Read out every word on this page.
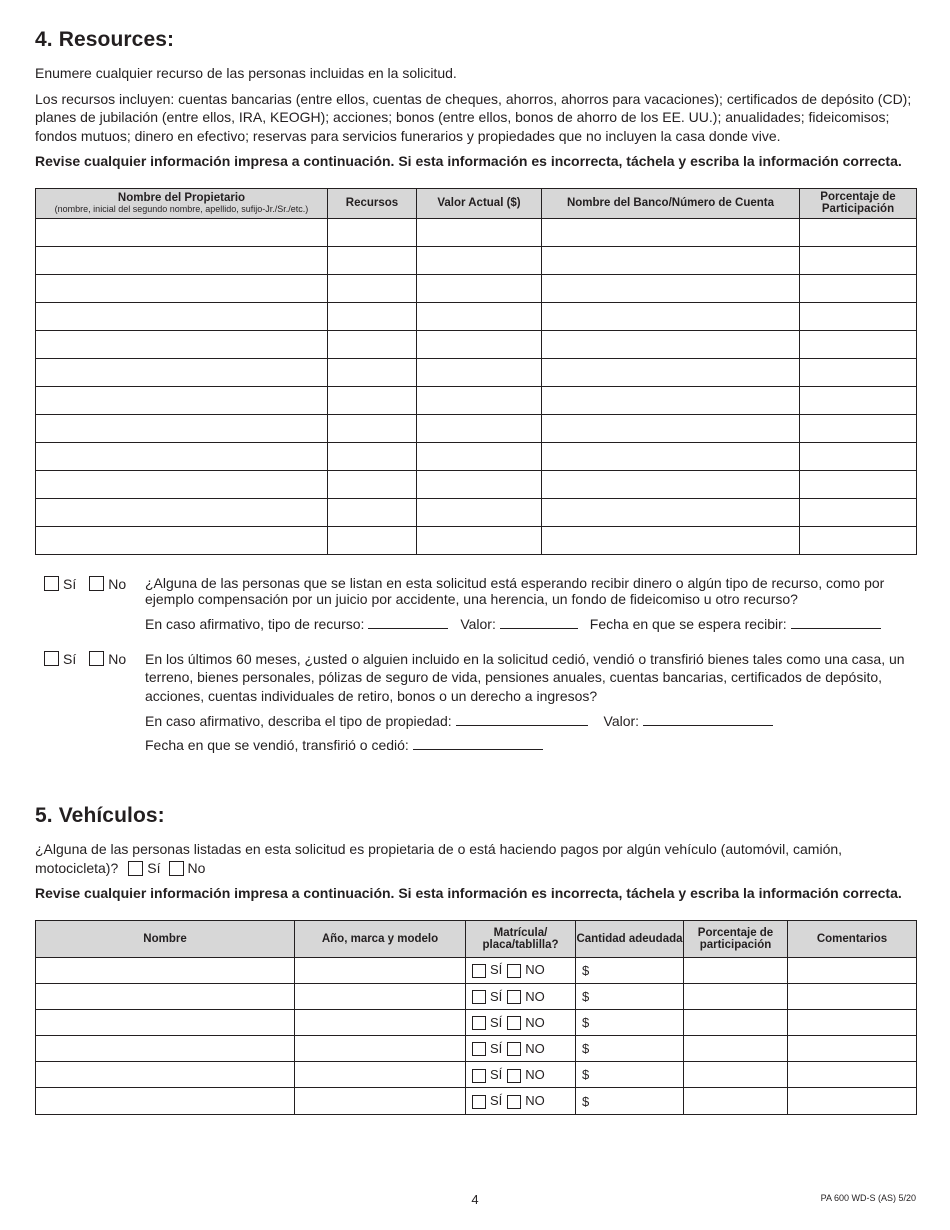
4. Resources:

Enumere cualquier recurso de las personas incluidas en la solicitud.

Los recursos incluyen: cuentas bancarias (entre ellos, cuentas de cheques, ahorros, ahorros para vacaciones); certificados de depósito (CD); planes de jubilación (entre ellos, IRA, KEOGH); acciones; bonos (entre ellos, bonos de ahorro de los EE. UU.); anualidades; fideicomisos; fondos mutuos; dinero en efectivo; reservas para servicios funerarios y propiedades que no incluyen la casa donde vive.

Revise cualquier información impresa a continuación. Si esta información es incorrecta, táchela y escriba la información correcta.

Nombre del Propietario
(nombre, inicial del segundo nombre, apellido, sufijo-Jr./Sr./etc.)	Recursos	Valor Actual ($)	Nombre del Banco/Número de Cuenta	Porcentaje de Participación

Sí No ¿Alguna de las personas que se listan en esta solicitud está esperando recibir dinero o algún tipo de recurso, como por ejemplo compensación por un juicio por accidente, una herencia, un fondo de fideicomiso u otro recurso?

En caso afirmativo, tipo de recurso:	Valor:	Fecha en que se espera recibir:

Sí No En los últimos 60 meses, ¿usted o alguien incluido en la solicitud cedió, vendió o transfirió bienes tales como una casa, un terreno, bienes personales, pólizas de seguro de vida, pensiones anuales, cuentas bancarias, certificados de depósito, acciones, cuentas individuales de retiro, bonos o un derecho a ingresos?

En caso afirmativo, describa el tipo de propiedad:	Valor:

Fecha en que se vendió, transfirió o cedió:

5. Vehículos:

¿Alguna de las personas listadas en esta solicitud es propietaria de o está haciendo pagos por algún vehículo (automóvil, camión, motocicleta)? Sí No

Revise cualquier información impresa a continuación. Si esta información es incorrecta, táchela y escriba la información correcta.

Nombre	Año, marca y modelo	Matrícula/ placa/tablilla?	Cantidad adeudada	Porcentaje de participación	Comentarios
		SÍ NO	$		
		SÍ NO	$		
		SÍ NO	$		
		SÍ NO	$		
		SÍ NO	$		
		SÍ NO	$		
4	PA 600 WD-S (AS) 5/20
